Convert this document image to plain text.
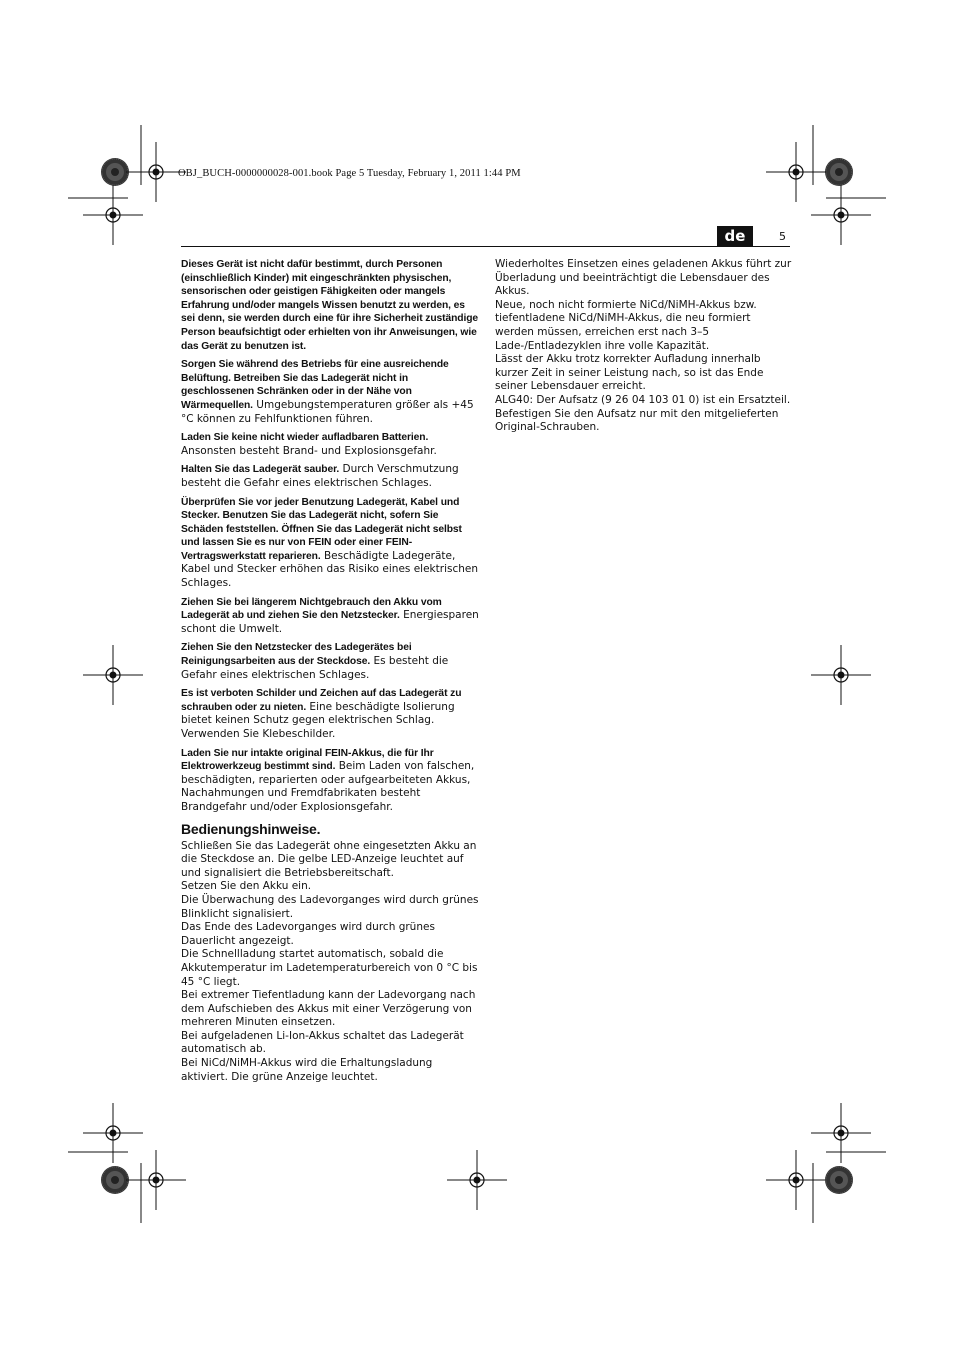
OBJ_BUCH-0000000028-001.book Page 5 Tuesday, February 1, 2011 1:44 PM
de	5

Dieses Gerät ist nicht dafür bestimmt, durch Personen (einschließlich Kinder) mit eingeschränkten physischen, sensorischen oder geistigen Fähigkeiten oder mangels Erfahrung und/oder mangels Wissen benutzt zu werden, es sei denn, sie werden durch eine für ihre Sicherheit zuständige Person beaufsichtigt oder erhielten von ihr Anweisungen, wie das Gerät zu benutzen ist.

Sorgen Sie während des Betriebs für eine ausreichende Belüftung. Betreiben Sie das Ladegerät nicht in geschlossenen Schränken oder in der Nähe von Wärmequellen. Umgebungstemperaturen größer als +45 °C können zu Fehlfunktionen führen.

Laden Sie keine nicht wieder aufladbaren Batterien. Ansonsten besteht Brand- und Explosionsgefahr.

Halten Sie das Ladegerät sauber. Durch Verschmutzung besteht die Gefahr eines elektrischen Schlages.

Überprüfen Sie vor jeder Benutzung Ladegerät, Kabel und Stecker. Benutzen Sie das Ladegerät nicht, sofern Sie Schäden feststellen. Öffnen Sie das Ladegerät nicht selbst und lassen Sie es nur von FEIN oder einer FEIN-Vertragswerkstatt reparieren. Beschädigte Ladegeräte, Kabel und Stecker erhöhen das Risiko eines elektrischen Schlages.

Ziehen Sie bei längerem Nichtgebrauch den Akku vom Ladegerät ab und ziehen Sie den Netzstecker. Energiesparen schont die Umwelt.

Ziehen Sie den Netzstecker des Ladegerätes bei Reinigungsarbeiten aus der Steckdose. Es besteht die Gefahr eines elektrischen Schlages.

Es ist verboten Schilder und Zeichen auf das Ladegerät zu schrauben oder zu nieten. Eine beschädigte Isolierung bietet keinen Schutz gegen elektrischen Schlag. Verwenden Sie Klebeschilder.

Laden Sie nur intakte original FEIN-Akkus, die für Ihr Elektrowerkzeug bestimmt sind. Beim Laden von falschen, beschädigten, reparierten oder aufgearbeiteten Akkus, Nachahmungen und Fremdfabrikaten besteht Brandgefahr und/oder Explosionsgefahr.

Bedienungshinweise.

Schließen Sie das Ladegerät ohne eingesetzten Akku an die Steckdose an. Die gelbe LED-Anzeige leuchtet auf und signalisiert die Betriebsbereitschaft.

Setzen Sie den Akku ein.

Die Überwachung des Ladevorganges wird durch grünes Blinklicht signalisiert.

Das Ende des Ladevorganges wird durch grünes Dauerlicht angezeigt.

Die Schnellladung startet automatisch, sobald die Akkutemperatur im Ladetemperaturbereich von 0 °C bis 45 °C liegt.

Bei extremer Tiefentladung kann der Ladevorgang nach dem Aufschieben des Akkus mit einer Verzögerung von mehreren Minuten einsetzen.

Bei aufgeladenen Li-Ion-Akkus schaltet das Ladegerät automatisch ab.

Bei NiCd/NiMH-Akkus wird die Erhaltungsladung aktiviert. Die grüne Anzeige leuchtet.

Wiederholtes Einsetzen eines geladenen Akkus führt zur Überladung und beeinträchtigt die Lebensdauer des Akkus.

Neue, noch nicht formierte NiCd/NiMH-Akkus bzw. tiefentladene NiCd/NiMH-Akkus, die neu formiert werden müssen, erreichen erst nach 3–5 Lade-/Entladezyklen ihre volle Kapazität.

Lässt der Akku trotz korrekter Aufladung innerhalb kurzer Zeit in seiner Leistung nach, so ist das Ende seiner Lebensdauer erreicht.

ALG40: Der Aufsatz (9 26 04 103 01 0) ist ein Ersatzteil. Befestigen Sie den Aufsatz nur mit den mitgelieferten Original-Schrauben.
